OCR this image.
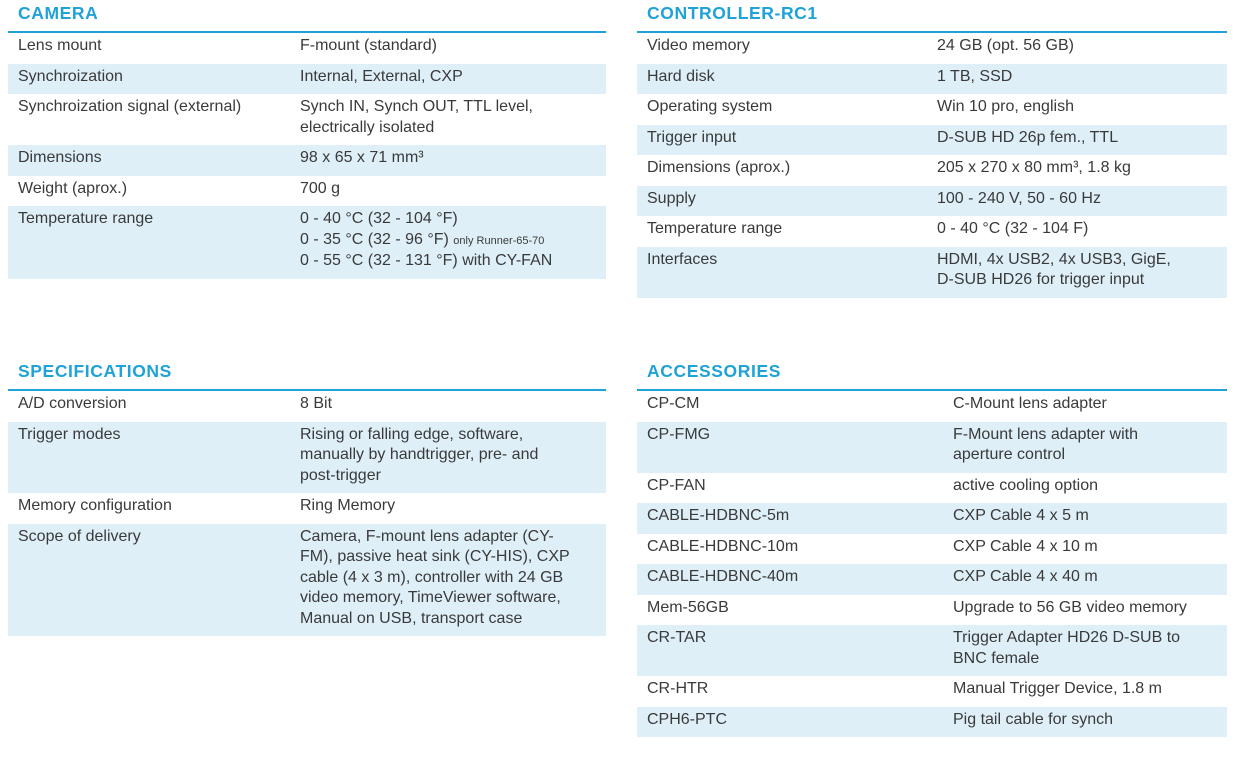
CAMERA
Lens mount	F-mount (standard)
Synchroization	Internal, External, CXP
Synchroization signal (external)	Synch IN, Synch OUT, TTL level,
electrically isolated
Dimensions	98 x 65 x 71 mm³
Weight (aprox.)	700 g
Temperature range	0 - 40 °C (32 - 104 °F)
0 - 35 °C (32 - 96 °F) only Runner-65-70
0 - 55 °C (32 - 131 °F) with CY-FAN
CONTROLLER-RC1
Video memory	24 GB (opt. 56 GB)
Hard disk	1 TB, SSD
Operating system	Win 10 pro, english
Trigger input	D-SUB HD 26p fem., TTL
Dimensions (aprox.)	205 x 270 x 80 mm³, 1.8 kg
Supply	100 - 240 V, 50 - 60 Hz
Temperature range	0 - 40 °C (32 - 104 F)
Interfaces	HDMI, 4x USB2, 4x USB3, GigE,
D-SUB HD26 for trigger input
SPECIFICATIONS
A/D conversion	8 Bit
Trigger modes	Rising or falling edge, software,
manually by handtrigger, pre- and
post-trigger
Memory configuration	Ring Memory
Scope of delivery	Camera, F-mount lens adapter (CY-
FM), passive heat sink (CY-HIS), CXP
cable (4 x 3 m), controller with 24 GB
video memory, TimeViewer software,
Manual on USB, transport case
ACCESSORIES
CP-CM	C-Mount lens adapter
CP-FMG	F-Mount lens adapter with
aperture control
CP-FAN	active cooling option
CABLE-HDBNC-5m	CXP Cable 4 x 5 m
CABLE-HDBNC-10m	CXP Cable 4 x 10 m
CABLE-HDBNC-40m	CXP Cable 4 x 40 m
Mem-56GB	Upgrade to 56 GB video memory
CR-TAR	Trigger Adapter HD26 D-SUB to
BNC female
CR-HTR	Manual Trigger Device, 1.8 m
CPH6-PTC	Pig tail cable for synch
